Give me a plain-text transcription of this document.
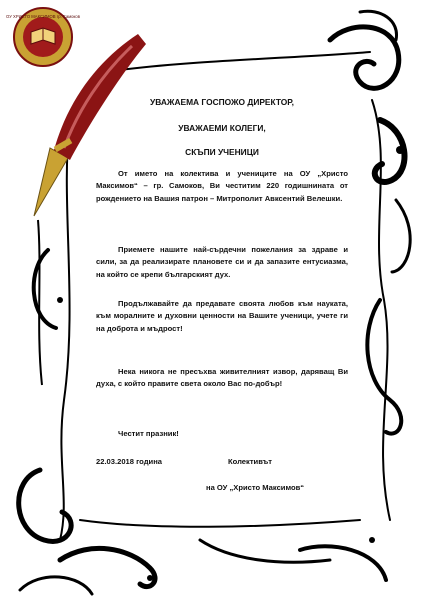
ОУ ХРИСТО МАКСИМОВ гр. Самоков
УВАЖАЕМА ГОСПОЖО ДИРЕКТОР,
УВАЖАЕМИ КОЛЕГИ,
СКЪПИ УЧЕНИЦИ
От името на колектива и учениците на ОУ „Христо Максимов“ – гр. Самоков, Ви честитим 220 годишнината от рождението на Вашия патрон – Митрополит Авксентий Велешки.
Приемете нашите най-сърдечни пожелания за здраве и сили, за да реализирате плановете си и да запазите ентусиазма, на който се крепи българският дух.
Продължавайте да предавате своята любов към науката, към моралните и духовни ценности на Вашите ученици, учете ги на доброта и мъдрост!
Нека никога не пресъхва живителният извор, даряващ Ви духа, с който правите света около Вас по-добър!
Честит празник!
22.03.2018 година	Колективът
на ОУ „Христо Максимов“
